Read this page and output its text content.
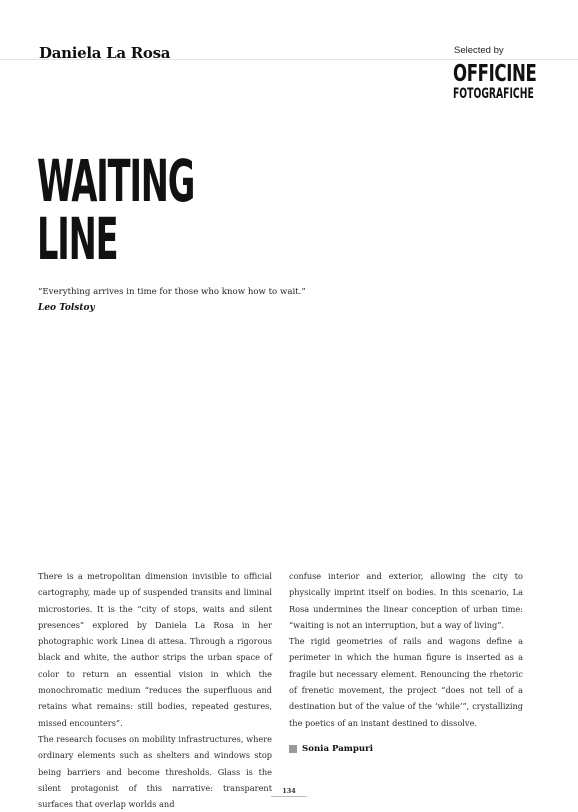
Daniela La Rosa	Selected by
OFFICINE
FOTOGRAFICHE
WAITING
LINE
“Everything arrives in time for those who know how to wait.”
Leo Tolstoy

There is a metropolitan dimension invisible to official cartography, made up of suspended transits and liminal microstories. It is the “city of stops, waits and silent presences” explored by Daniela La Rosa in her photographic work Linea di attesa. Through a rigorous black and white, the author strips the urban space of color to return an essential vision in which the monochromatic medium “reduces the superfluous and retains what remains: still bodies, repeated gestures, missed encounters”.

The research focuses on mobility infrastructures, where ordinary elements such as shelters and windows stop being barriers and become thresholds. Glass is the silent protagonist of this narrative: transparent surfaces that overlap worlds and

confuse interior and exterior, allowing the city to physically imprint itself on bodies. In this scenario, La Rosa undermines the linear conception of urban time: “waiting is not an interruption, but a way of living”.

The rigid geometries of rails and wagons define a perimeter in which the human figure is inserted as a fragile but necessary element. Renouncing the rhetoric of frenetic movement, the project “does not tell of a destination but of the value of the ‘while’”, crystallizing the poetics of an instant destined to dissolve.

Sonia Pampuri
134
